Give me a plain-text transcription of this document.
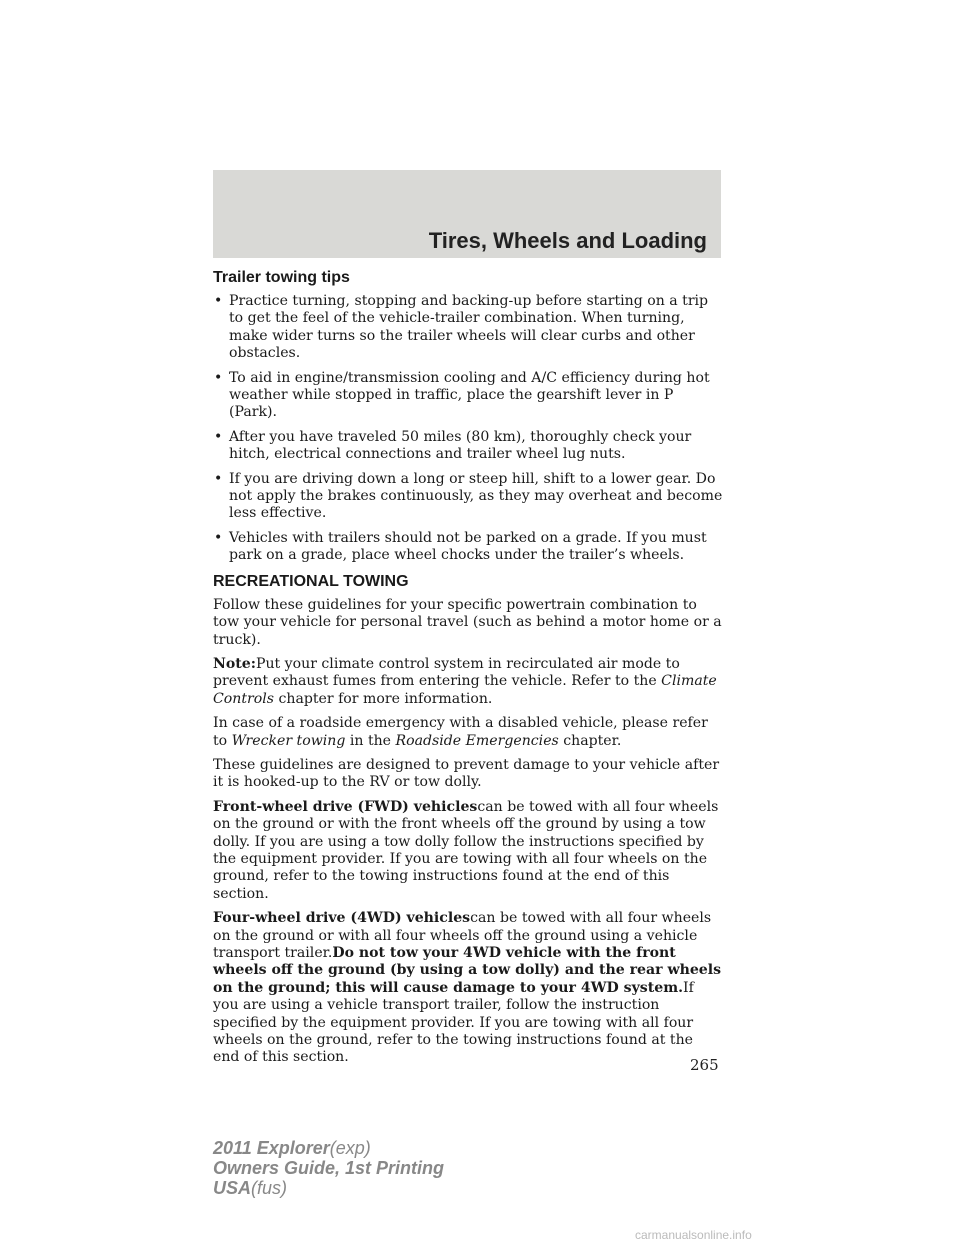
Tires, Wheels and Loading
Trailer towing tips
• Practice turning, stopping and backing-up before starting on a trip to get the feel of the vehicle-trailer combination. When turning, make wider turns so the trailer wheels will clear curbs and other obstacles.
• To aid in engine/transmission cooling and A/C efficiency during hot weather while stopped in traffic, place the gearshift lever in P (Park).
• After you have traveled 50 miles (80 km), thoroughly check your hitch, electrical connections and trailer wheel lug nuts.
• If you are driving down a long or steep hill, shift to a lower gear. Do not apply the brakes continuously, as they may overheat and become less effective.
• Vehicles with trailers should not be parked on a grade. If you must park on a grade, place wheel chocks under the trailer’s wheels.
RECREATIONAL TOWING

Follow these guidelines for your specific powertrain combination to tow your vehicle for personal travel (such as behind a motor home or a truck).

Note:Put your climate control system in recirculated air mode to prevent exhaust fumes from entering the vehicle. Refer to the Climate Controls chapter for more information.

In case of a roadside emergency with a disabled vehicle, please refer to Wrecker towing in the Roadside Emergencies chapter.

These guidelines are designed to prevent damage to your vehicle after it is hooked-up to the RV or tow dolly.

Front-wheel drive (FWD) vehiclescan be towed with all four wheels on the ground or with the front wheels off the ground by using a tow dolly. If you are using a tow dolly follow the instructions specified by the equipment provider. If you are towing with all four wheels on the ground, refer to the towing instructions found at the end of this section.

Four-wheel drive (4WD) vehiclescan be towed with all four wheels on the ground or with all four wheels off the ground using a vehicle transport trailer.Do not tow your 4WD vehicle with the front wheels off the ground (by using a tow dolly) and the rear wheels on the ground; this will cause damage to your 4WD system.If you are using a vehicle transport trailer, follow the instruction specified by the equipment provider. If you are towing with all four wheels on the ground, refer to the towing instructions found at the end of this section.	265
2011 Explorer(exp)
Owners Guide, 1st Printing
USA(fus)
carmanualsonline.info
